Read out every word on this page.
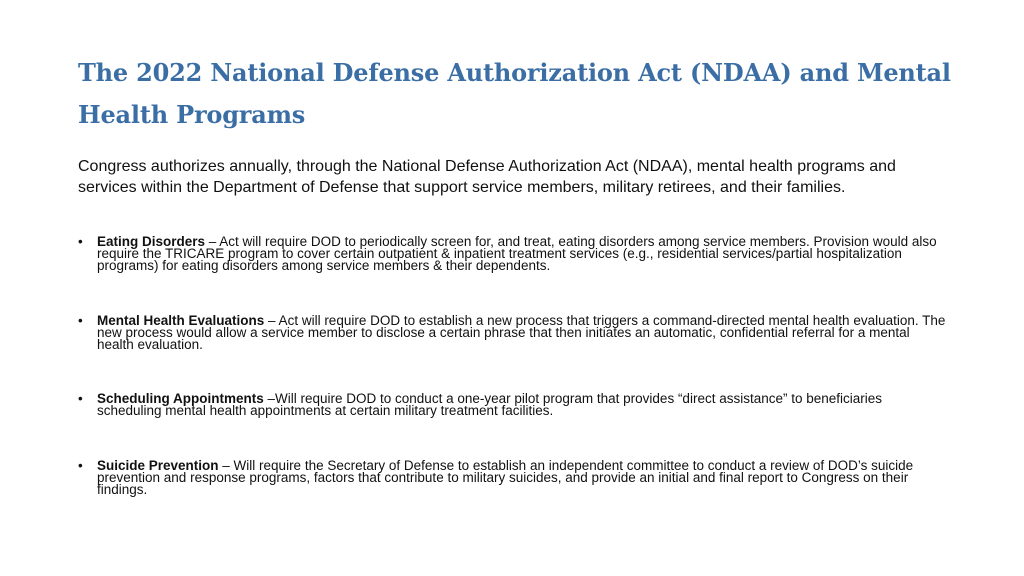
The 2022 National Defense Authorization Act (NDAA) and Mental Health Programs

Congress authorizes annually, through the National Defense Authorization Act (NDAA), mental health programs and services within the Department of Defense that support service members, military retirees, and their families.

• Eating Disorders – Act will require DOD to periodically screen for, and treat, eating disorders among service members. Provision would also require the TRICARE program to cover certain outpatient & inpatient treatment services (e.g., residential services/partial hospitalization programs) for eating disorders among service members & their dependents.
• Mental Health Evaluations – Act will require DOD to establish a new process that triggers a command-directed mental health evaluation. The new process would allow a service member to disclose a certain phrase that then initiates an automatic, confidential referral for a mental health evaluation.
• Scheduling Appointments –Will require DOD to conduct a one-year pilot program that provides “direct assistance” to beneficiaries scheduling mental health appointments at certain military treatment facilities.
• Suicide Prevention – Will require the Secretary of Defense to establish an independent committee to conduct a review of DOD’s suicide prevention and response programs, factors that contribute to military suicides, and provide an initial and final report to Congress on their findings.
